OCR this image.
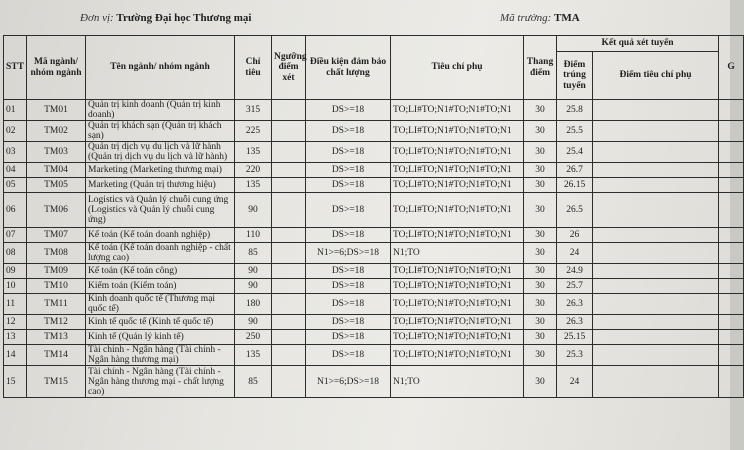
Đơn vị: Trường Đại học Thương mại	Mã trường: TMA
STT	Mã ngành/ nhóm ngành	Tên ngành/ nhóm ngành	Chỉ tiêu	Ngưỡng điểm xét	Điều kiện đảm bảo chất lượng	Tiêu chí phụ	Thang điểm	Kết quả xét tuyển		G
								Điểm trúng tuyển	Điểm tiêu chí phụ	
01	TM01	Quản trị kinh doanh (Quản trị kinh doanh)	315		DS>=18	TO;LI#TO;N1#TO;N1#TO;N1	30	25.8		
02	TM02	Quản trị khách sạn (Quản trị khách sạn)	225		DS>=18	TO;LI#TO;N1#TO;N1#TO;N1	30	25.5		
03	TM03	Quản trị dịch vụ du lịch và lữ hành (Quản trị dịch vụ du lịch và lữ hành)	135		DS>=18	TO;LI#TO;N1#TO;N1#TO;N1	30	25.4		
04	TM04	Marketing (Marketing thương mại)	220		DS>=18	TO;LI#TO;N1#TO;N1#TO;N1	30	26.7		
05	TM05	Marketing (Quản trị thương hiệu)	135		DS>=18	TO;LI#TO;N1#TO;N1#TO;N1	30	26.15		
06	TM06	Logistics và Quản lý chuỗi cung ứng (Logistics và Quản lý chuỗi cung ứng)	90		DS>=18	TO;LI#TO;N1#TO;N1#TO;N1	30	26.5		
07	TM07	Kế toán (Kế toán doanh nghiệp)	110		DS>=18	TO;LI#TO;N1#TO;N1#TO;N1	30	26		
08	TM08	Kế toán (Kế toán doanh nghiệp - chất lượng cao)	85		N1>=6;DS>=18	N1;TO	30	24		
09	TM09	Kế toán (Kế toán công)	90		DS>=18	TO;LI#TO;N1#TO;N1#TO;N1	30	24.9		
10	TM10	Kiểm toán (Kiểm toán)	90		DS>=18	TO;LI#TO;N1#TO;N1#TO;N1	30	25.7		
11	TM11	Kinh doanh quốc tế (Thương mại quốc tế)	180		DS>=18	TO;LI#TO;N1#TO;N1#TO;N1	30	26.3		
12	TM12	Kinh tế quốc tế (Kinh tế quốc tế)	90		DS>=18	TO;LI#TO;N1#TO;N1#TO;N1	30	26.3		
13	TM13	Kinh tế (Quản lý kinh tế)	250		DS>=18	TO;LI#TO;N1#TO;N1#TO;N1	30	25.15		
14	TM14	Tài chính - Ngân hàng (Tài chính - Ngân hàng thương mại)	135		DS>=18	TO;LI#TO;N1#TO;N1#TO;N1	30	25.3		
15	TM15	Tài chính - Ngân hàng (Tài chính - Ngân hàng thương mại - chất lượng cao)	85		N1>=6;DS>=18	N1;TO	30	24		
